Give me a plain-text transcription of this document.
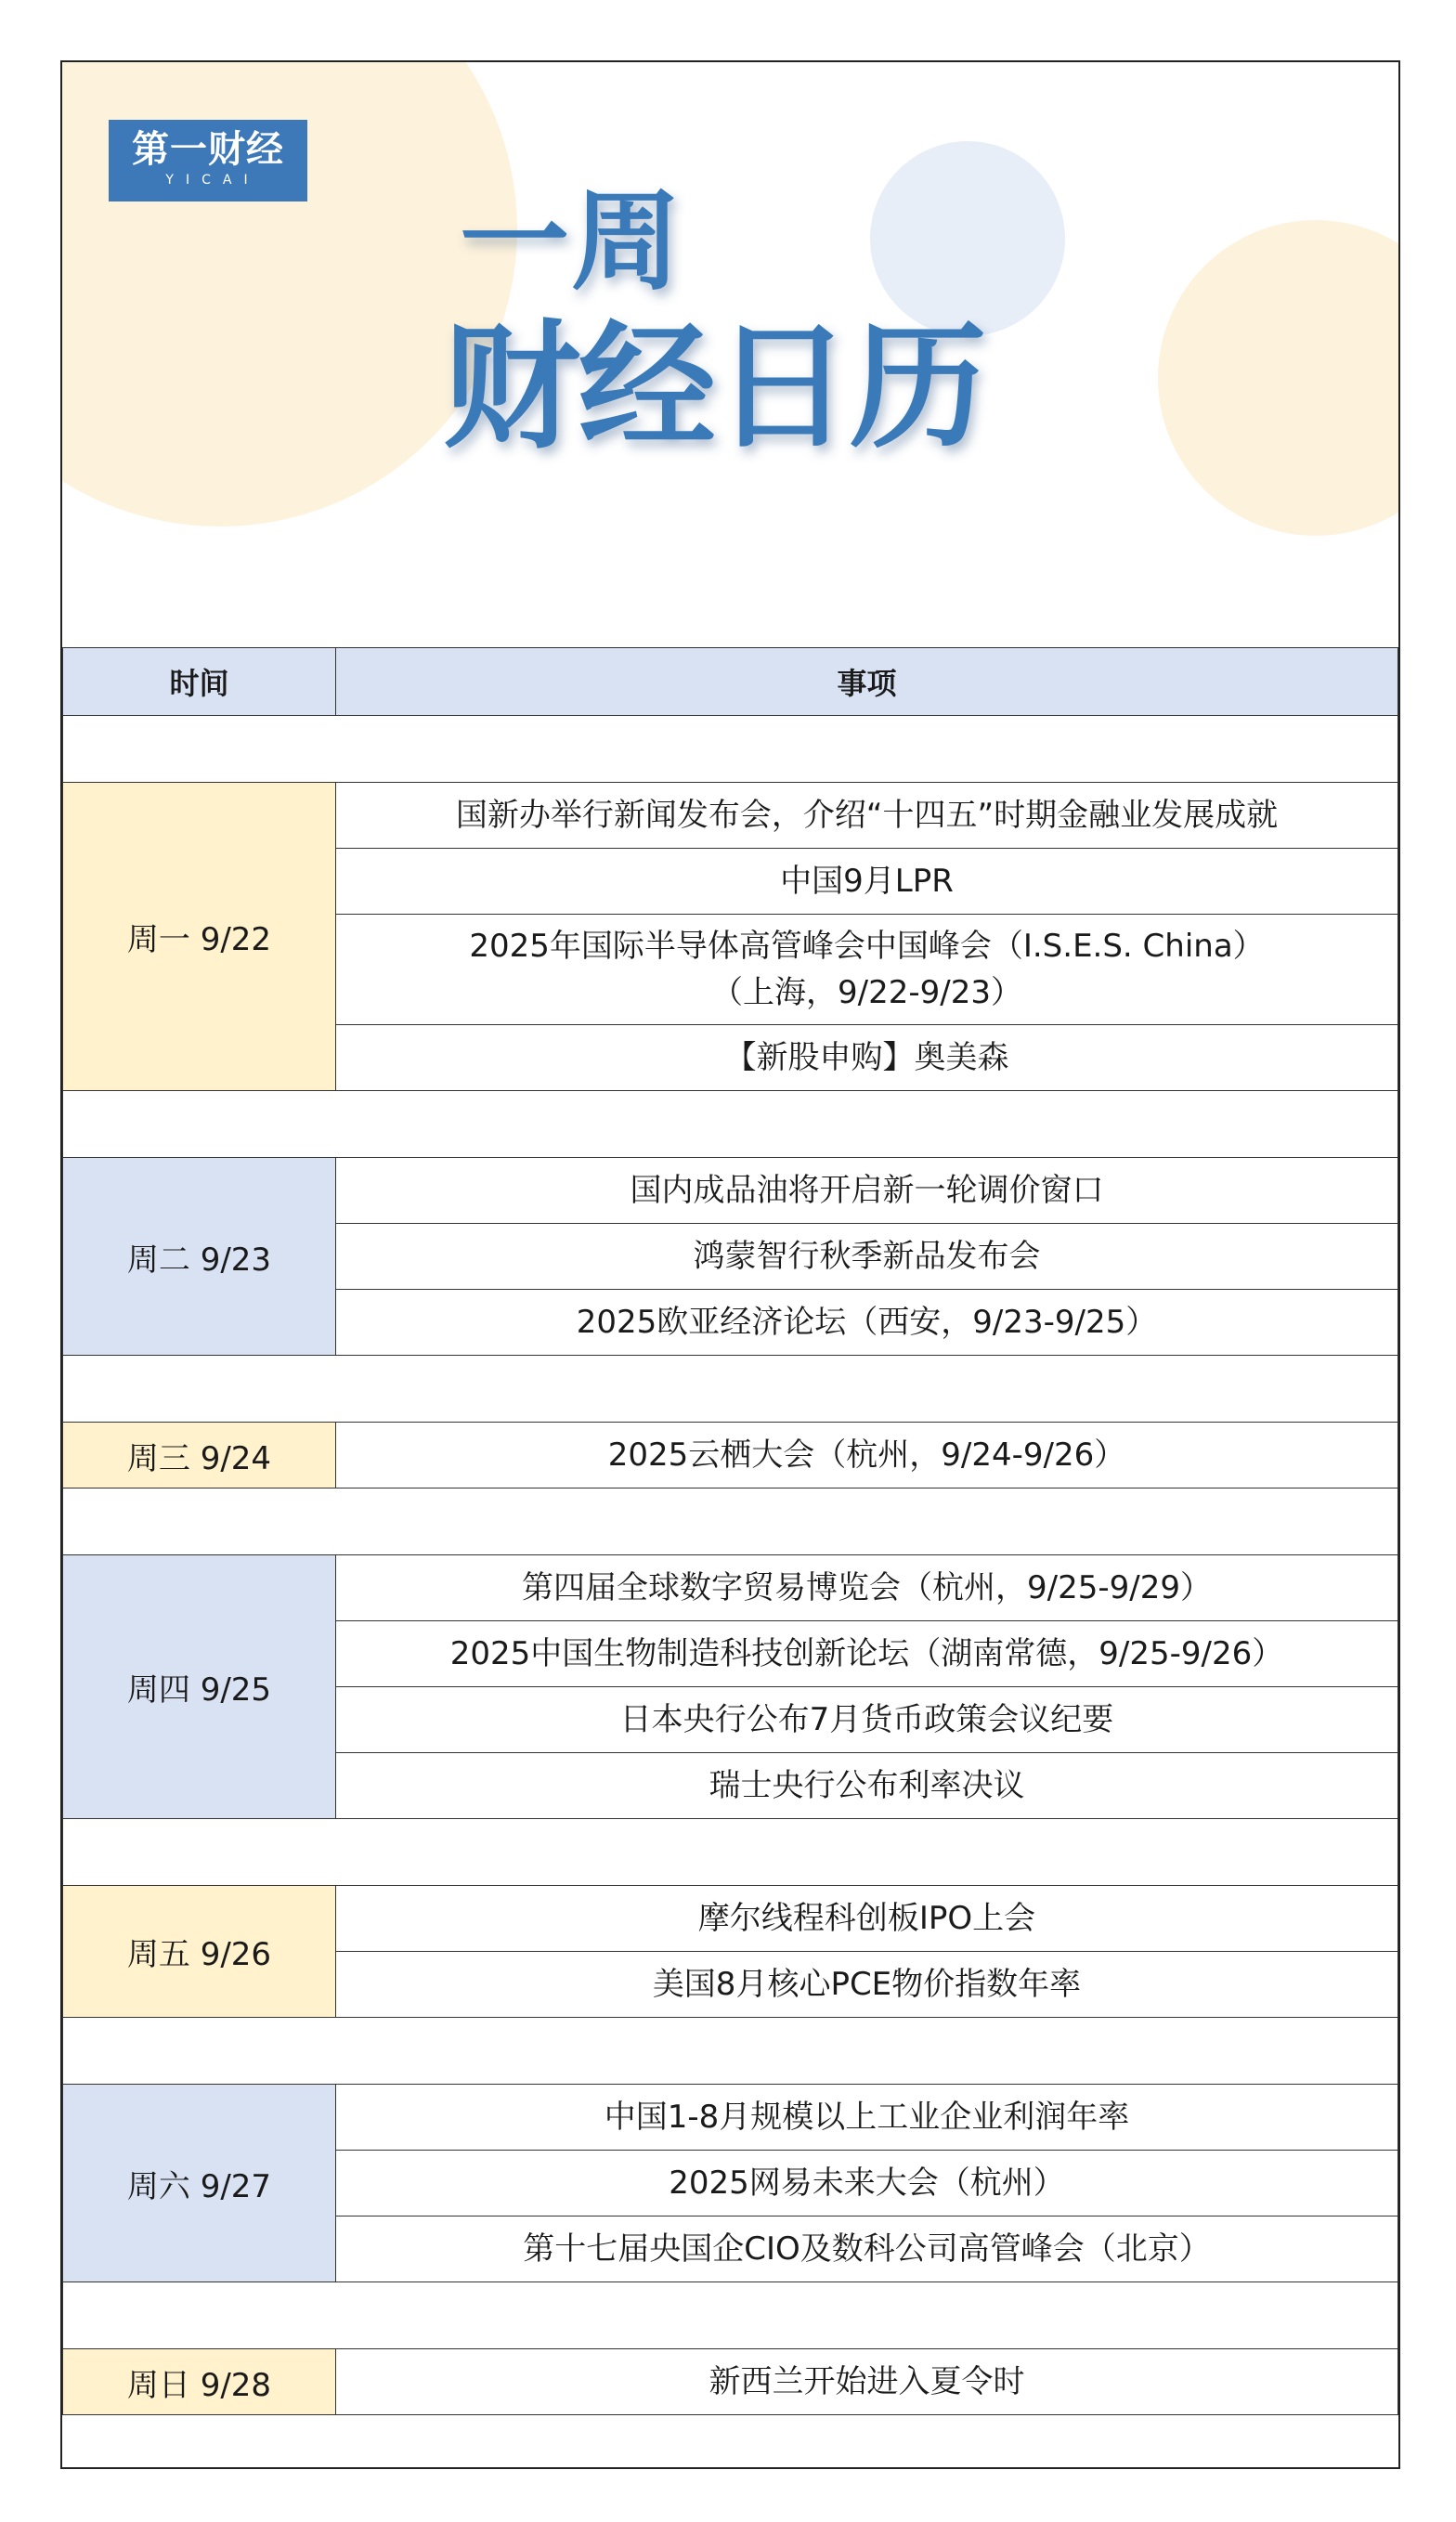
第一财经
YICAI	一周
财经日历
时间	事项

周一 9/22	国新办举行新闻发布会，介绍“十四五”时期金融业发展成就

	中国9月LPR

	2025年国际半导体高管峰会中国峰会（I.S.E.S. China）
（上海，9/22-9/23）

	【新股申购】奥美森

周二 9/23	国内成品油将开启新一轮调价窗口

	鸿蒙智行秋季新品发布会

	2025欧亚经济论坛（西安，9/23-9/25）

周三 9/24	2025云栖大会（杭州，9/24-9/26）

周四 9/25	第四届全球数字贸易博览会（杭州，9/25-9/29）

	2025中国生物制造科技创新论坛（湖南常德，9/25-9/26）

	日本央行公布7月货币政策会议纪要

	瑞士央行公布利率决议

周五 9/26	摩尔线程科创板IPO上会

	美国8月核心PCE物价指数年率

周六 9/27	中国1-8月规模以上工业企业利润年率

	2025网易未来大会（杭州）

	第十七届央国企CIO及数科公司高管峰会（北京）

周日 9/28	新西兰开始进入夏令时
